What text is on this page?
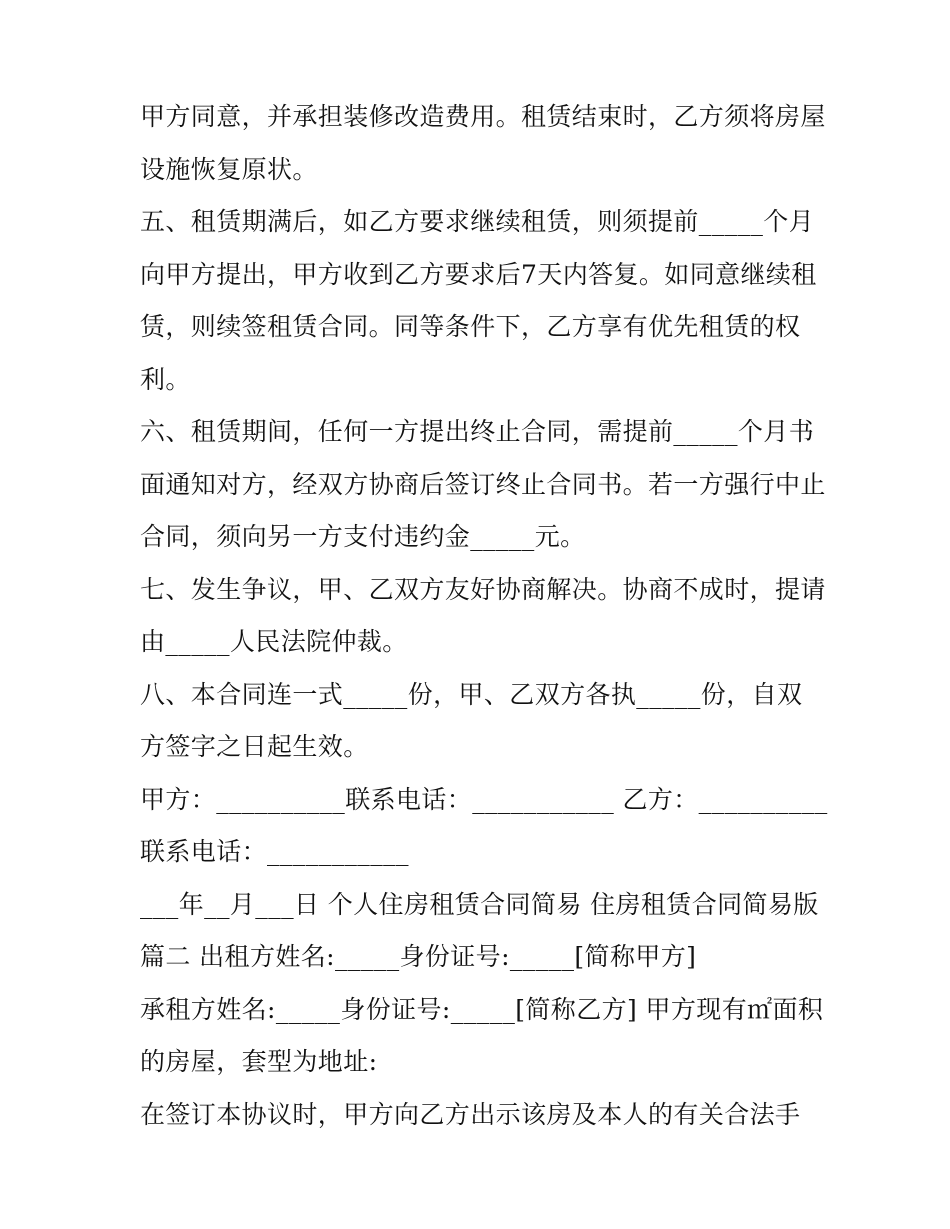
甲方同意，并承担装修改造费用。租赁结束时，乙方须将房屋
设施恢复原状。
五、租赁期满后，如乙方要求继续租赁，则须提前_____个月
向甲方提出，甲方收到乙方要求后7天内答复。如同意继续租
赁，则续签租赁合同。同等条件下，乙方享有优先租赁的权
利。
六、租赁期间，任何一方提出终止合同，需提前_____个月书
面通知对方，经双方协商后签订终止合同书。若一方强行中止
合同，须向另一方支付违约金_____元。
七、发生争议，甲、乙双方友好协商解决。协商不成时，提请
由_____人民法院仲裁。
八、本合同连一式_____份，甲、乙双方各执_____份，自双
方签字之日起生效。
甲方：__________联系电话：___________ 乙方：__________
联系电话：___________
___年__月___日 个人住房租赁合同简易 住房租赁合同简易版
篇二 出租方姓名:_____身份证号:_____[简称甲方]
承租方姓名:_____身份证号:_____[简称乙方] 甲方现有㎡面积
的房屋，套型为地址:
在签订本协议时，甲方向乙方出示该房及本人的有关合法手
